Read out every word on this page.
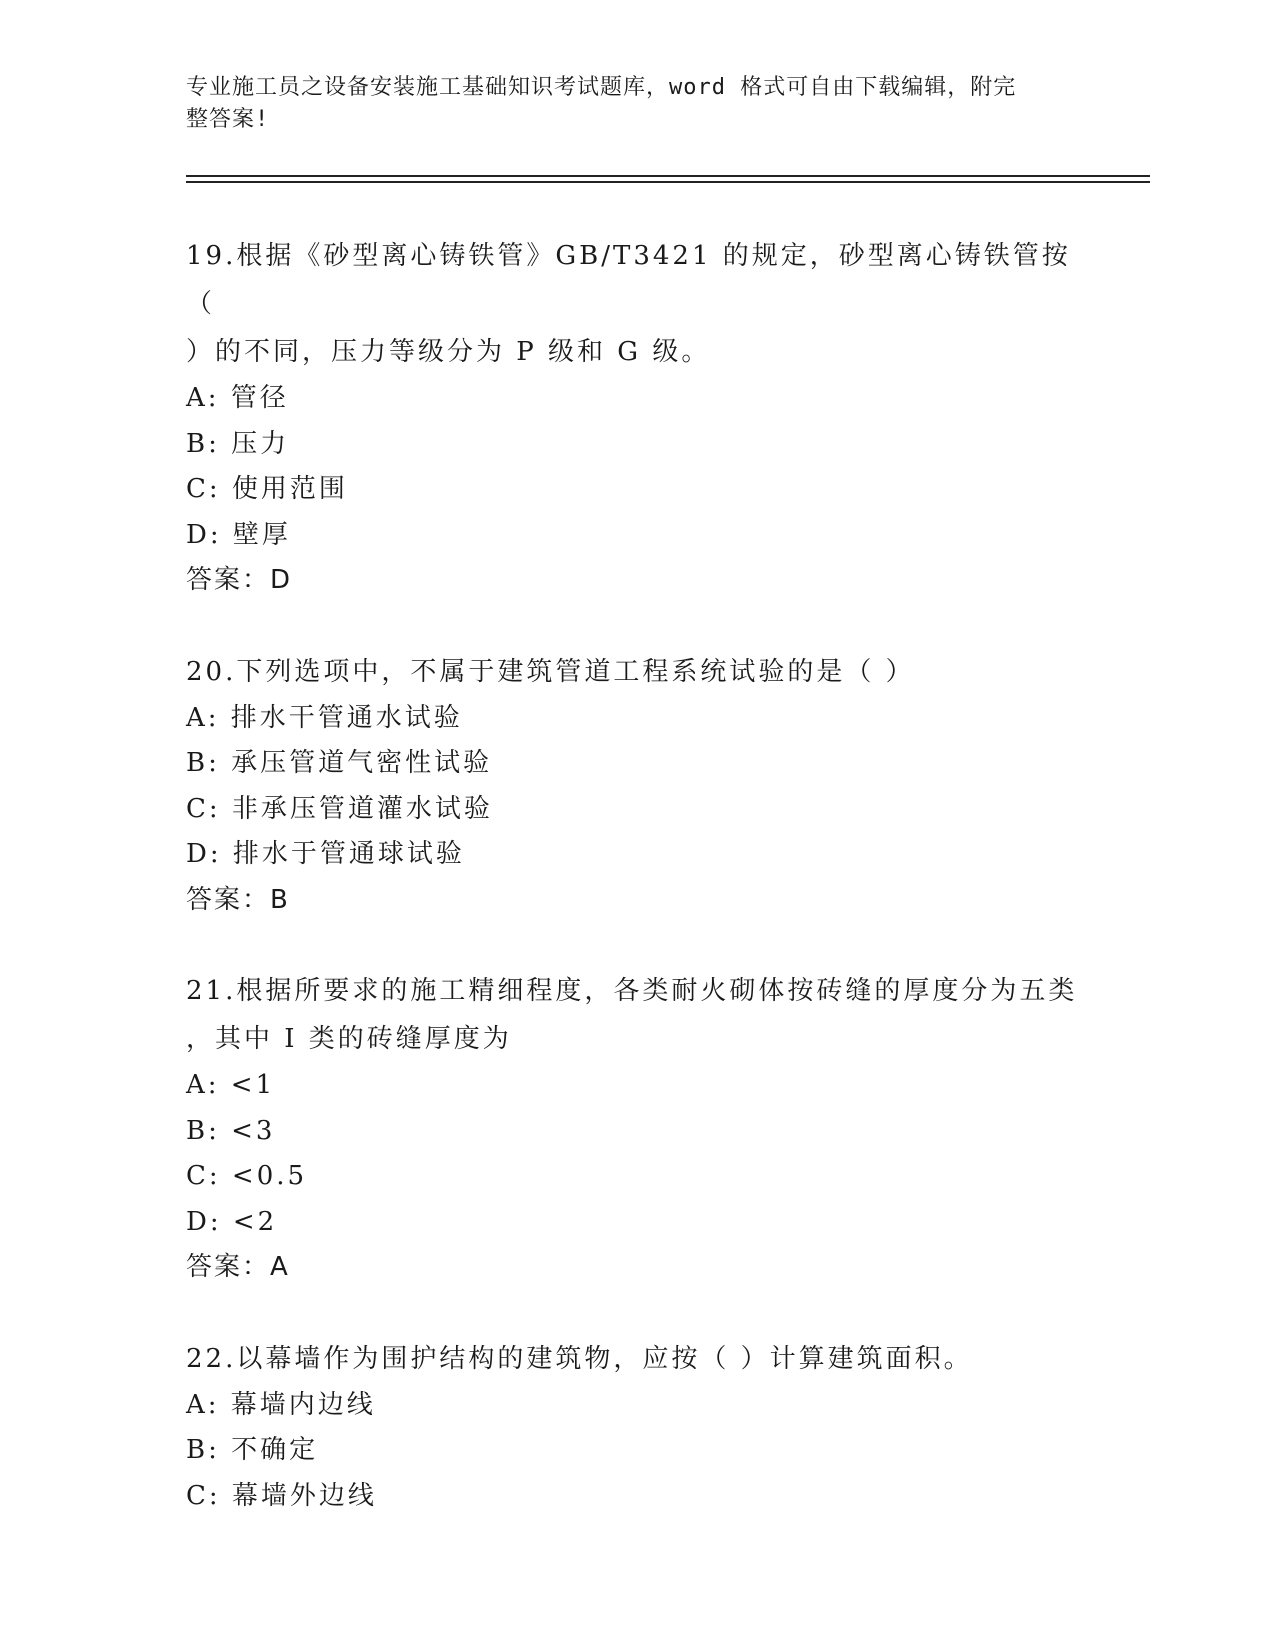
专业施工员之设备安装施工基础知识考试题库，word 格式可自由下载编辑，附完
整答案!
19.根据《砂型离心铸铁管》GB/T3421 的规定，砂型离心铸铁管按（
）的不同，压力等级分为 P 级和 G 级。
A: 管径
B: 压力
C: 使用范围
D: 壁厚
答案：D
20.下列选项中，不属于建筑管道工程系统试验的是（ ）
A: 排水干管通水试验
B: 承压管道气密性试验
C: 非承压管道灌水试验
D: 排水于管通球试验
答案：B
21.根据所要求的施工精细程度，各类耐火砌体按砖缝的厚度分为五类
，其中 I 类的砖缝厚度为
A: <1
B: <3
C: <0.5
D: <2
答案：A
22.以幕墙作为围护结构的建筑物，应按（ ）计算建筑面积。
A: 幕墙内边线
B: 不确定
C: 幕墙外边线
